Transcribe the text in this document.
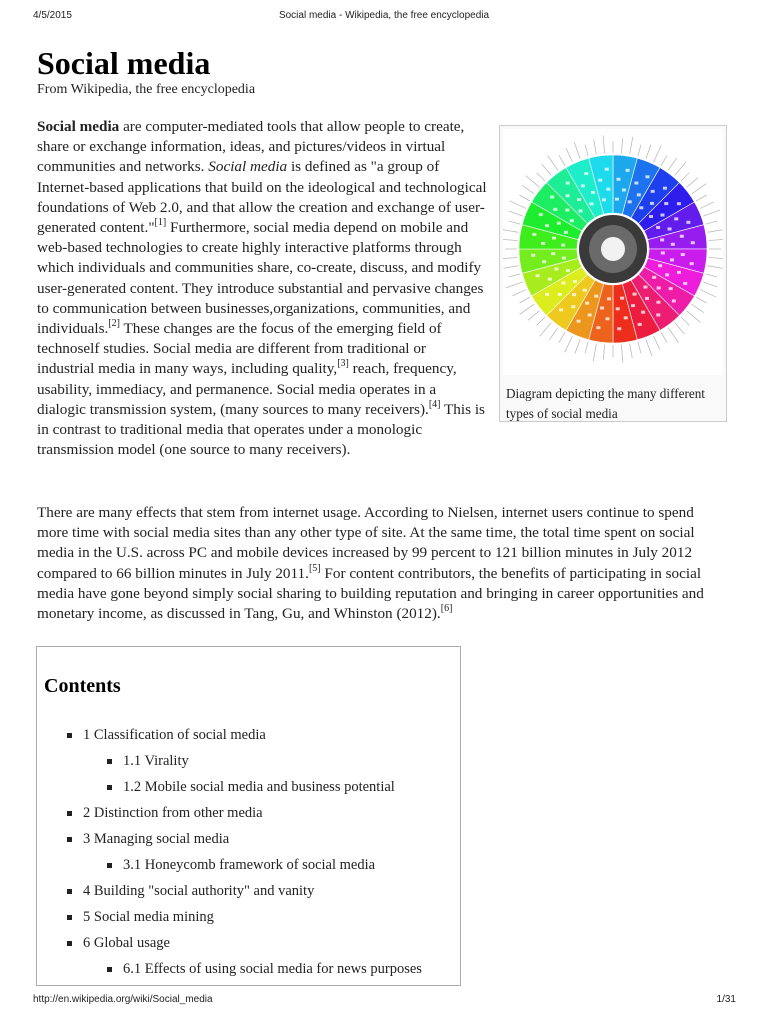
4/5/2015	Social media - Wikipedia, the free encyclopedia
Social media
From Wikipedia, the free encyclopedia

Diagram depicting the many different types of social media
Social media are computer-mediated tools that allow people to create, share or exchange information, ideas, and pictures/videos in virtual communities and networks. Social media is defined as "a group of Internet-based applications that build on the ideological and technological foundations of Web 2.0, and that allow the creation and exchange of user-generated content."[1] Furthermore, social media depend on mobile and web-based technologies to create highly interactive platforms through which individuals and communities share, co-create, discuss, and modify user-generated content. They introduce substantial and pervasive changes to communication between businesses,organizations, communities, and individuals.[2] These changes are the focus of the emerging field of technoself studies. Social media are different from traditional or industrial media in many ways, including quality,[3] reach, frequency, usability, immediacy, and permanence. Social media operates in a dialogic transmission system, (many sources to many receivers).[4] This is in contrast to traditional media that operates under a monologic transmission model (one source to many receivers).

There are many effects that stem from internet usage. According to Nielsen, internet users continue to spend more time with social media sites than any other type of site. At the same time, the total time spent on social media in the U.S. across PC and mobile devices increased by 99 percent to 121 billion minutes in July 2012 compared to 66 billion minutes in July 2011.[5] For content contributors, the benefits of participating in social media have gone beyond simply social sharing to building reputation and bringing in career opportunities and monetary income, as discussed in Tang, Gu, and Whinston (2012).[6]

Contents
1 Classification of social media
1.1 Virality
1.2 Mobile social media and business potential
2 Distinction from other media
3 Managing social media
3.1 Honeycomb framework of social media
4 Building "social authority" and vanity
5 Social media mining
6 Global usage
6.1 Effects of using social media for news purposes
http://en.wikipedia.org/wiki/Social_media	1/31
